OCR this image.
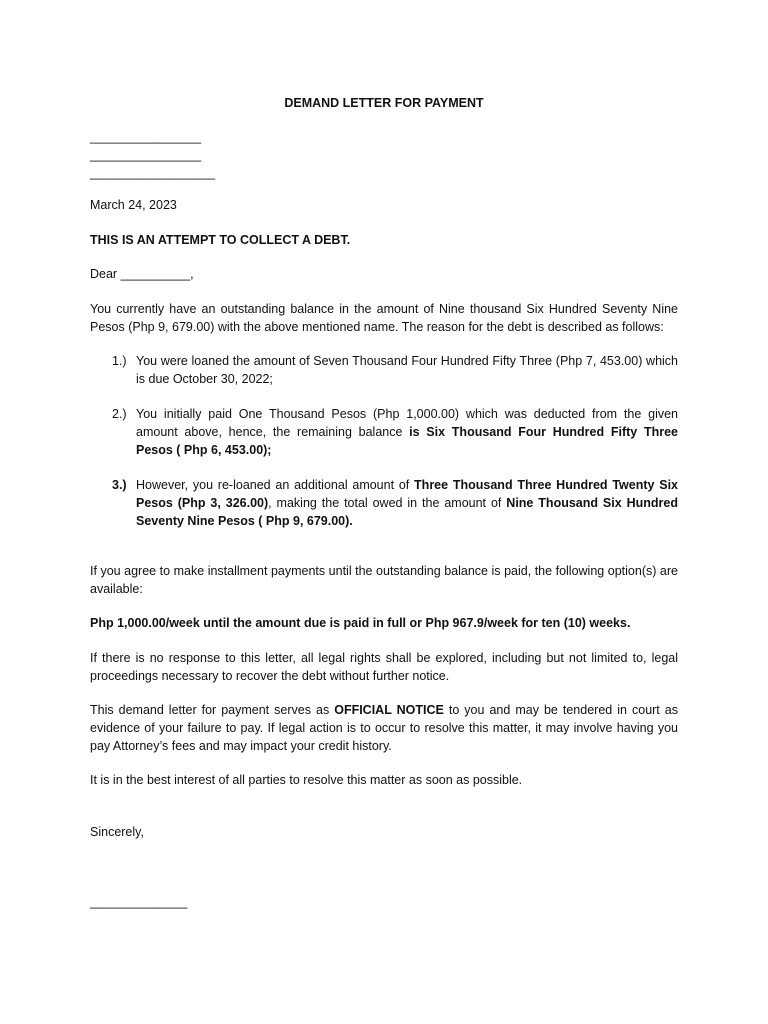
DEMAND LETTER FOR PAYMENT
________________
________________
__________________
March 24, 2023
THIS IS AN ATTEMPT TO COLLECT A DEBT.
Dear __________,

You currently have an outstanding balance in the amount of Nine thousand Six Hundred Seventy Nine Pesos (Php 9, 679.00) with the above mentioned name. The reason for the debt is described as follows:

1.) You were loaned the amount of Seven Thousand Four Hundred Fifty Three (Php 7, 453.00) which is due October 30, 2022;
2.) You initially paid One Thousand Pesos (Php 1,000.00) which was deducted from the given amount above, hence, the remaining balance is Six Thousand Four Hundred Fifty Three Pesos ( Php 6, 453.00);
3.) However, you re-loaned an additional amount of Three Thousand Three Hundred Twenty Six Pesos (Php 3, 326.00), making the total owed in the amount of Nine Thousand Six Hundred Seventy Nine Pesos ( Php 9, 679.00).

If you agree to make installment payments until the outstanding balance is paid, the following option(s) are available:

Php 1,000.00/week until the amount due is paid in full or Php 967.9/week for ten (10) weeks.

If there is no response to this letter, all legal rights shall be explored, including but not limited to, legal proceedings necessary to recover the debt without further notice.

This demand letter for payment serves as OFFICIAL NOTICE to you and may be tendered in court as evidence of your failure to pay. If legal action is to occur to resolve this matter, it may involve having you pay Attorney’s fees and may impact your credit history.

It is in the best interest of all parties to resolve this matter as soon as possible.
Sincerely,
______________
